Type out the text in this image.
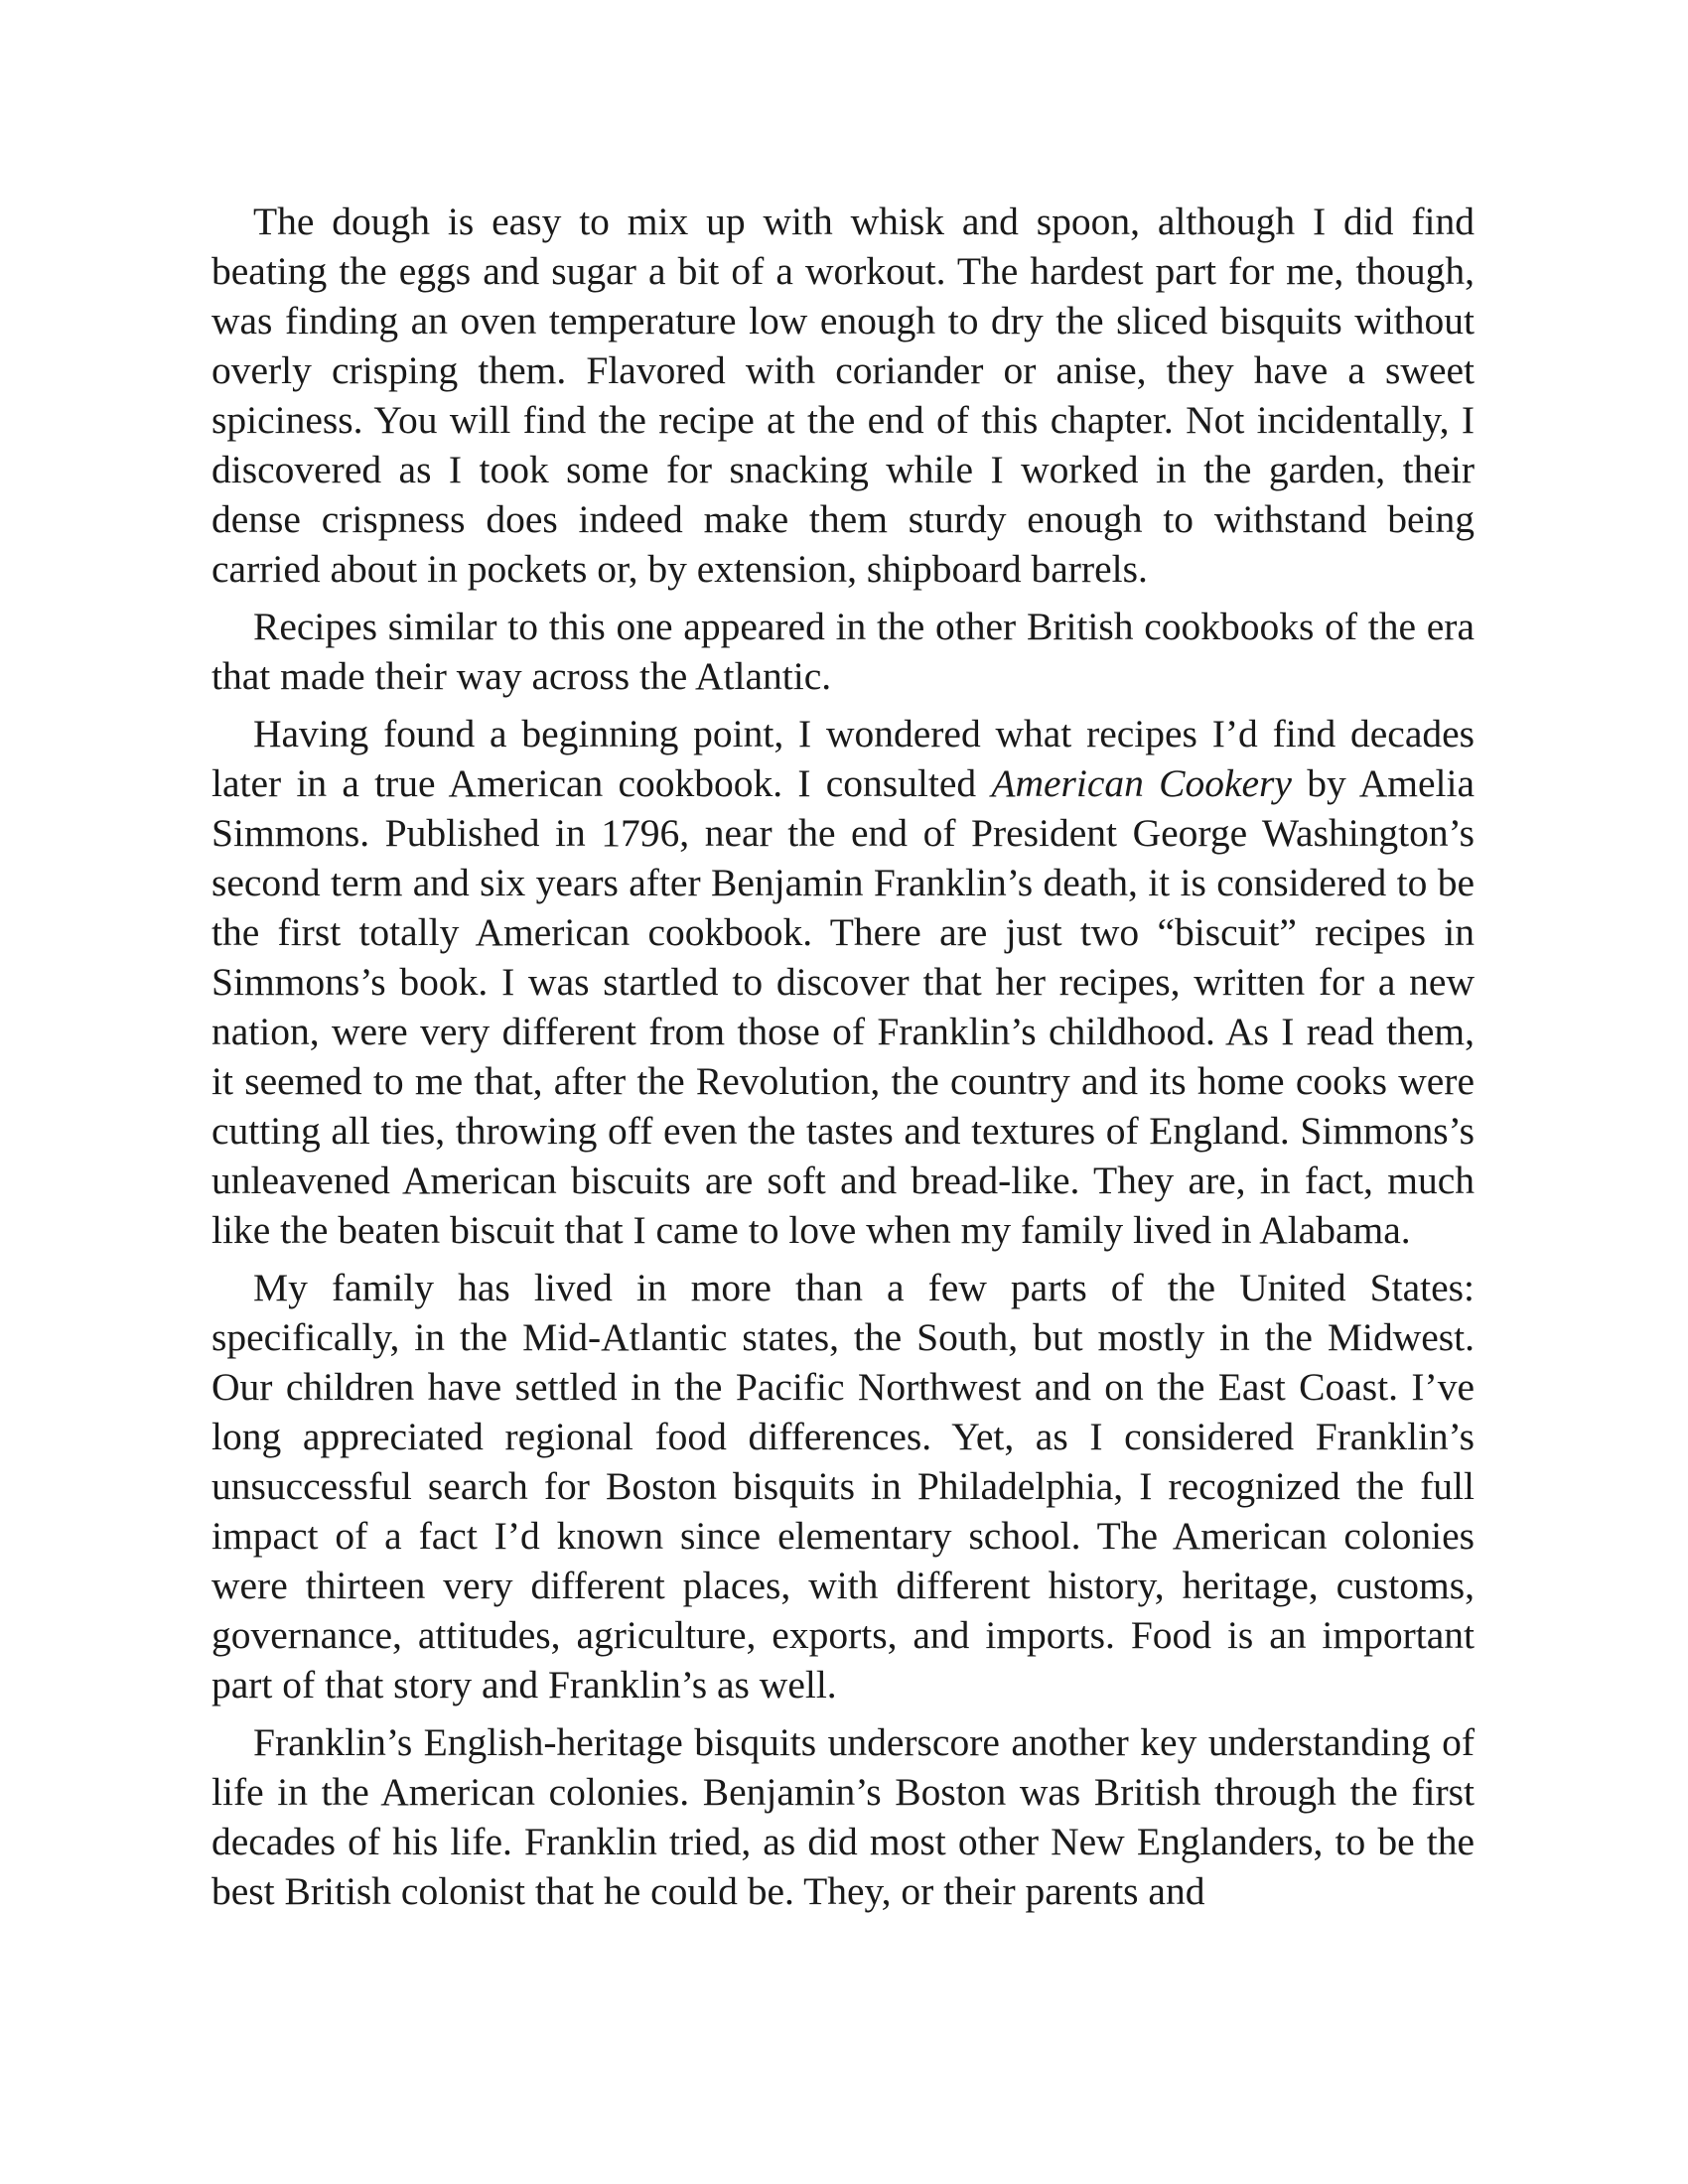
The dough is easy to mix up with whisk and spoon, although I did find beating the eggs and sugar a bit of a workout. The hardest part for me, though, was finding an oven temperature low enough to dry the sliced bisquits without overly crisping them. Flavored with coriander or anise, they have a sweet spiciness. You will find the recipe at the end of this chapter. Not incidentally, I discovered as I took some for snacking while I worked in the garden, their dense crispness does indeed make them sturdy enough to withstand being carried about in pockets or, by extension, shipboard barrels.

Recipes similar to this one appeared in the other British cookbooks of the era that made their way across the Atlantic.

Having found a beginning point, I wondered what recipes I’d find decades later in a true American cookbook. I consulted American Cookery by Amelia Simmons. Published in 1796, near the end of President George Washington’s second term and six years after Benjamin Franklin’s death, it is considered to be the first totally American cookbook. There are just two “biscuit” recipes in Simmons’s book. I was startled to discover that her recipes, written for a new nation, were very different from those of Franklin’s childhood. As I read them, it seemed to me that, after the Revolution, the country and its home cooks were cutting all ties, throwing off even the tastes and textures of England. Simmons’s unleavened American biscuits are soft and bread-like. They are, in fact, much like the beaten biscuit that I came to love when my family lived in Alabama.

My family has lived in more than a few parts of the United States: specifically, in the Mid-Atlantic states, the South, but mostly in the Midwest. Our children have settled in the Pacific Northwest and on the East Coast. I’ve long appreciated regional food differences. Yet, as I considered Franklin’s unsuccessful search for Boston bisquits in Philadelphia, I recognized the full impact of a fact I’d known since elementary school. The American colonies were thirteen very different places, with different history, heritage, customs, governance, attitudes, agriculture, exports, and imports. Food is an important part of that story and Franklin’s as well.

Franklin’s English-heritage bisquits underscore another key understanding of life in the American colonies. Benjamin’s Boston was British through the first decades of his life. Franklin tried, as did most other New Englanders, to be the best British colonist that he could be. They, or their parents and
